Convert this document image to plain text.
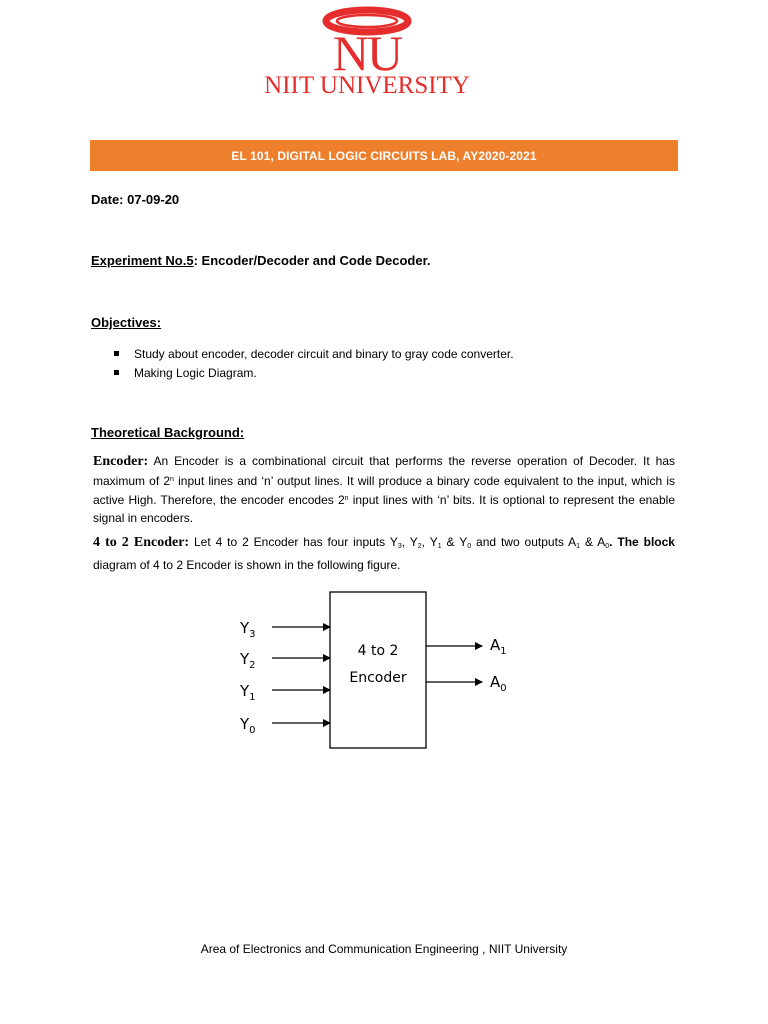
NU
NIIT UNIVERSITY
EL 101, DIGITAL LOGIC CIRCUITS LAB, AY2020-2021
Date: 07-09-20
Experiment No.5: Encoder/Decoder and Code Decoder.
Objectives:
Study about encoder, decoder circuit and binary to gray code converter.
Making Logic Diagram.
Theoretical Background:

Encoder: An Encoder is a combinational circuit that performs the reverse operation of Decoder. It has maximum of 2$^n$ input lines and ‘n’ output lines. It will produce a binary code equivalent to the input, which is active High. Therefore, the encoder encodes 2$^n$ input lines with ‘n’ bits. It is optional to represent the enable signal in encoders.

4 to 2 Encoder: Let 4 to 2 Encoder has four inputs $Y_3$, $Y_2$, $Y_1$ & $Y_0$ and two outputs $A_1$ & $A_0$. The block diagram of 4 to 2 Encoder is shown in the following figure.

4 to 2
Encoder
$Y_3$
$Y_2$
$Y_1$
$Y_0$
$A_1$
$A_0$
Area of Electronics and Communication Engineering , NIIT University
